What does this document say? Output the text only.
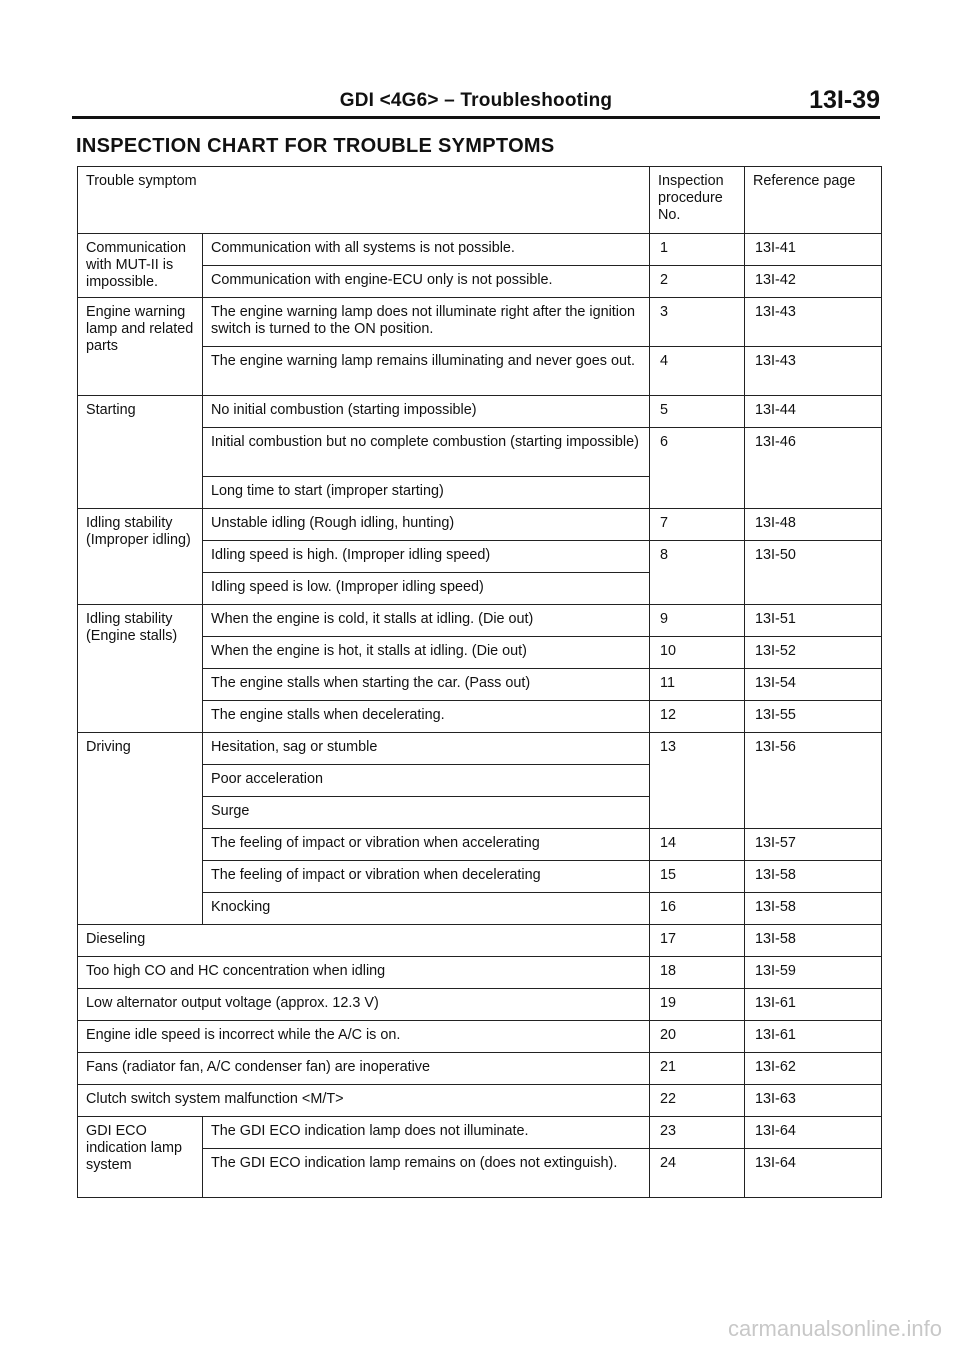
GDI <4G6> – Troubleshooting	13I-39
INSPECTION CHART FOR TROUBLE SYMPTOMS
Trouble symptom		Inspection procedure No.	Reference page
Communication with MUT-II is impossible.	Communication with all systems is not possible.	1	13I-41
	Communication with engine-ECU only is not possible.	2	13I-42
Engine warning lamp and related parts	The engine warning lamp does not illuminate right after the ignition switch is turned to the ON position.	3	13I-43
	The engine warning lamp remains illuminating and never goes out.	4	13I-43
Starting	No initial combustion (starting impossible)	5	13I-44
	Initial combustion but no complete combustion (starting impossible)	6	13I-46
	Long time to start (improper starting)		
Idling stability (Improper idling)	Unstable idling (Rough idling, hunting)	7	13I-48
	Idling speed is high. (Improper idling speed)	8	13I-50
	Idling speed is low. (Improper idling speed)		
Idling stability (Engine stalls)	When the engine is cold, it stalls at idling. (Die out)	9	13I-51
	When the engine is hot, it stalls at idling. (Die out)	10	13I-52
	The engine stalls when starting the car. (Pass out)	11	13I-54
	The engine stalls when decelerating.	12	13I-55
Driving	Hesitation, sag or stumble	13	13I-56
	Poor acceleration		
	Surge		
	The feeling of impact or vibration when accelerating	14	13I-57
	The feeling of impact or vibration when decelerating	15	13I-58
	Knocking	16	13I-58
Dieseling		17	13I-58
Too high CO and HC concentration when idling		18	13I-59
Low alternator output voltage (approx. 12.3 V)		19	13I-61
Engine idle speed is incorrect while the A/C is on.		20	13I-61
Fans (radiator fan, A/C condenser fan) are inoperative		21	13I-62
Clutch switch system malfunction <M/T>		22	13I-63
GDI ECO indication lamp system	The GDI ECO indication lamp does not illuminate.	23	13I-64
	The GDI ECO indication lamp remains on (does not extinguish).	24	13I-64
carmanualsonline.info
